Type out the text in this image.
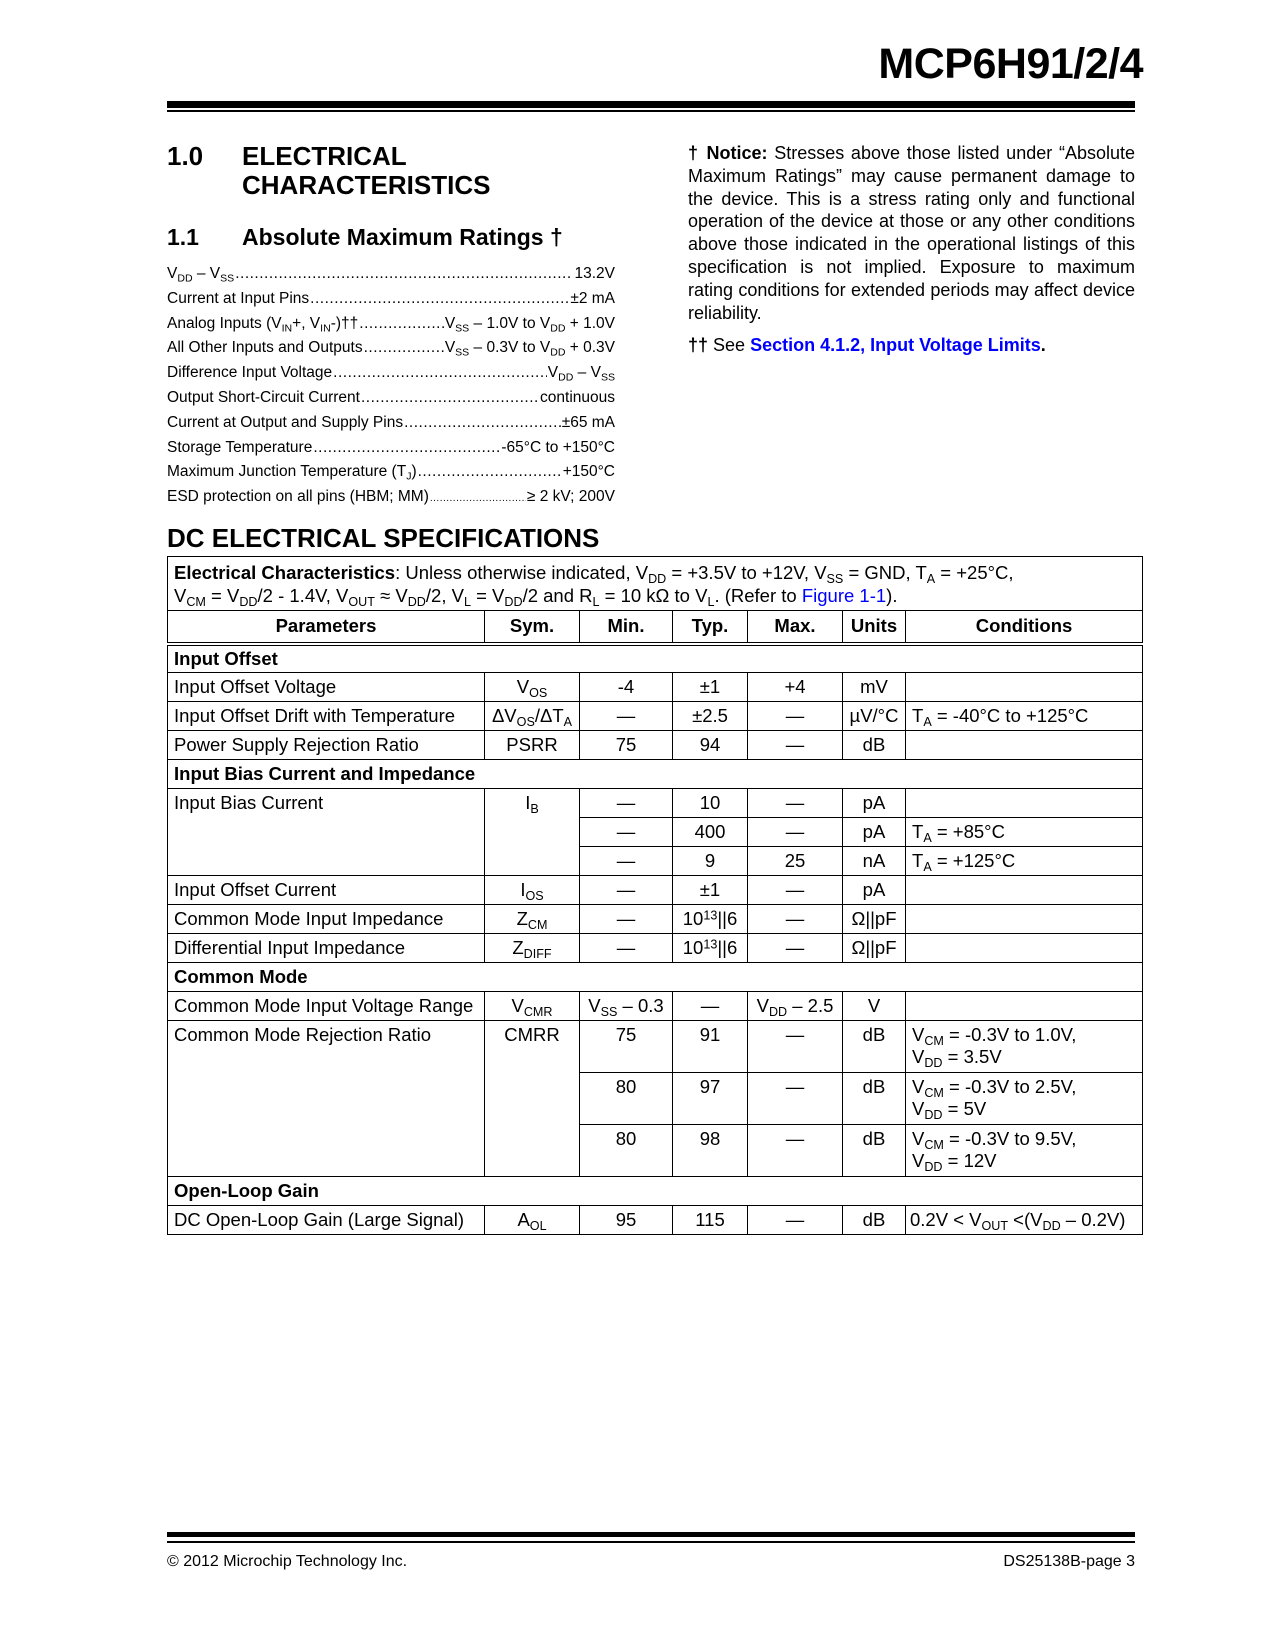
MCP6H91/2/4
1.0 ELECTRICAL CHARACTERISTICS
1.1 Absolute Maximum Ratings †
$V_{DD} - V_{SS}$ .....	13.2V
Current at Input Pins .....	±2 mA
Analog Inputs ($V_{IN}+$, $V_{IN}-)\dagger\dagger$ .....	$V_{SS} - 1.0V$ to $V_{DD} + 1.0V$
All Other Inputs and Outputs .....	$V_{SS} - 0.3V$ to $V_{DD} + 0.3V$
Difference Input Voltage .....	$V_{DD} - V_{SS}$
Output Short-Circuit Current .....	continuous
Current at Output and Supply Pins .....	±65 mA
Storage Temperature .....	-65°C to +150°C
Maximum Junction Temperature $(T_J)$ .....	+150°C
ESD protection on all pins (HBM; MM) .....	≥ 2 kV; 200V

† Notice: Stresses above those listed under “Absolute Maximum Ratings” may cause permanent damage to the device. This is a stress rating only and functional operation of the device at those or any other conditions above those indicated in the operational listings of this specification is not implied. Exposure to maximum rating conditions for extended periods may affect device reliability.

†† See Section 4.1.2, Input Voltage Limits.

DC ELECTRICAL SPECIFICATIONS
Electrical Characteristics: Unless otherwise indicated, $V_{DD} = +3.5V$ to +12V, $V_{SS}$ = GND, $T_A = +25^\circ C$,
$V_{CM} = V_{DD}/2 - 1.4V$, $V_{OUT} \approx V_{DD}/2$, $V_L = V_{DD}/2$ and $R_L = 10$ kΩ to $V_L$. (Refer to Figure 1-1).						
Parameters	Sym.	Min.	Typ.	Max.	Units	Conditions
Input Offset						
Input Offset Voltage	$V_{OS}$	-4	±1	+4	mV	
Input Offset Drift with Temperature	$\Delta V_{OS}/\Delta T_A$	—	±2.5	—	µV/°C	$T_A = -40^\circ C$ to +125°C
Power Supply Rejection Ratio	PSRR	75	94	—	dB	
Input Bias Current and Impedance						
Input Bias Current	$I_B$	—	10	—	pA	
		—	400	—	pA	$T_A = +85^\circ C$
		—	9	25	nA	$T_A = +125^\circ C$
Input Offset Current	$I_{OS}$	—	±1	—	pA	
Common Mode Input Impedance	$Z_{CM}$	—	$10^{13}||6$	—	Ω||pF	
Differential Input Impedance	$Z_{DIFF}$	—	$10^{13}||6$	—	Ω||pF	
Common Mode						
Common Mode Input Voltage Range	$V_{CMR}$	$V_{SS} - 0.3$	—	$V_{DD} - 2.5$	V	
Common Mode Rejection Ratio	CMRR	75	91	—	dB	$V_{CM} = -0.3V$ to 1.0V,
$V_{DD} = 3.5V$
		80	97	—	dB	$V_{CM} = -0.3V$ to 2.5V,
$V_{DD} = 5V$
		80	98	—	dB	$V_{CM} = -0.3V$ to 9.5V,
$V_{DD} = 12V$
Open-Loop Gain						
DC Open-Loop Gain (Large Signal)	$A_{OL}$	95	115	—	dB	$0.2V < V_{OUT} <(V_{DD} - 0.2V)$
© 2012 Microchip Technology Inc.	DS25138B-page 3
